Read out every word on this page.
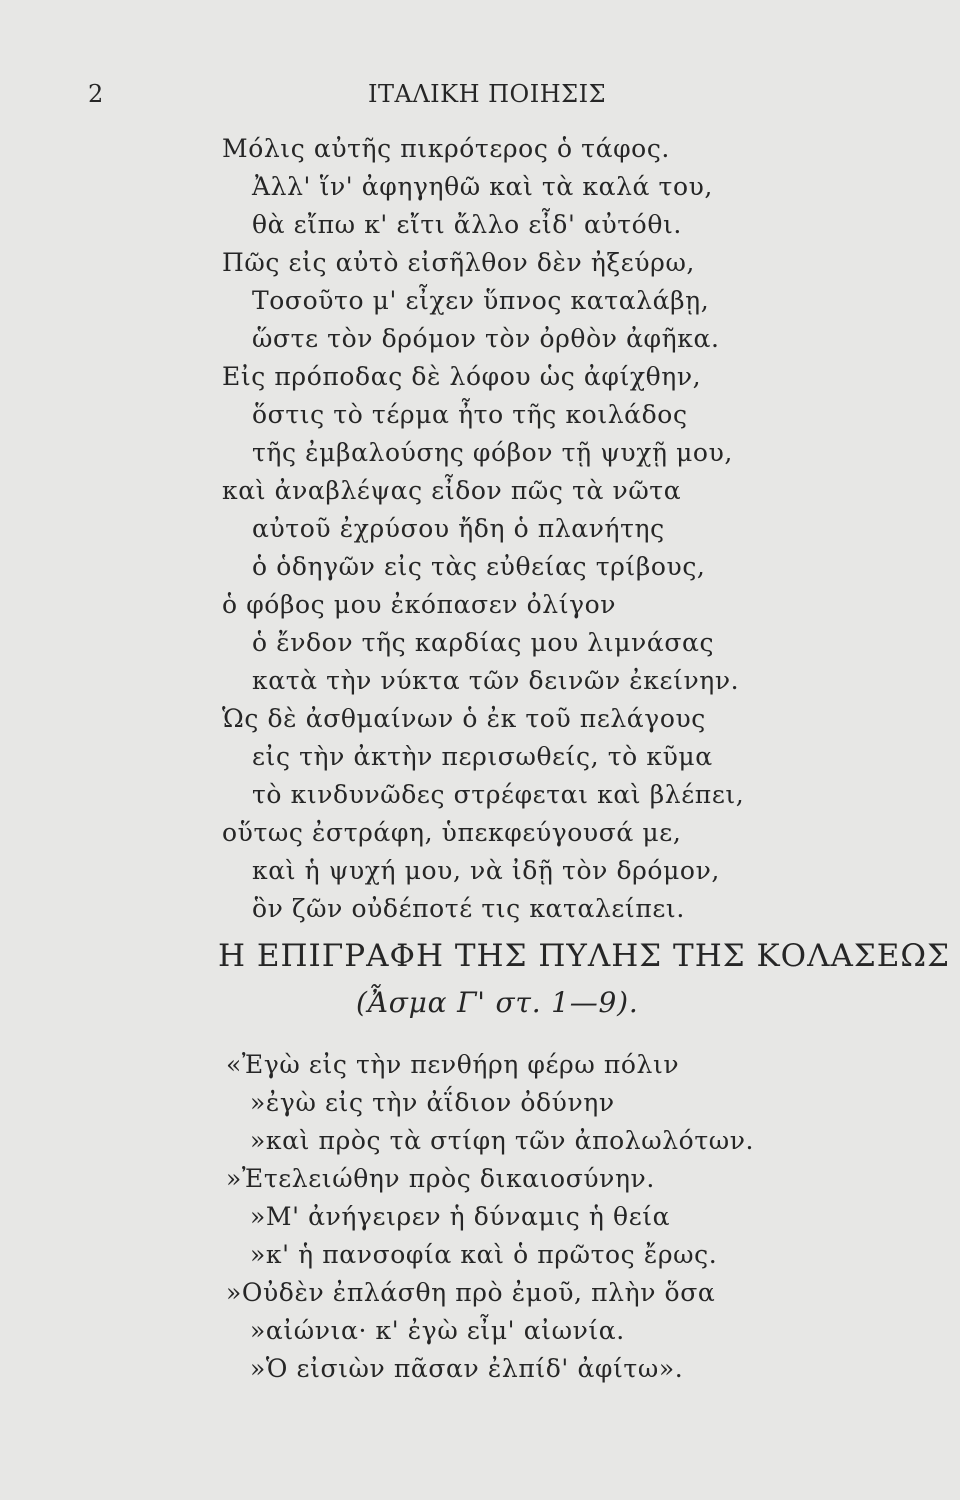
2	ΙΤΑΛΙΚΗ ΠΟΙΗΣΙΣ
Μόλις αὐτῆς πικρότερος ὁ τάφος.
Ἀλλ' ἵν' ἀφηγηθῶ καὶ τὰ καλά του,
θὰ εἴπω κ' εἴτι ἄλλο εἶδ' αὐτόθι.
Πῶς εἰς αὐτὸ εἰσῆλθον δὲν ἠξεύρω,
Τοσοῦτο μ' εἶχεν ὕπνος καταλάβῃ,
ὥστε τὸν δρόμον τὸν ὀρθὸν ἀφῆκα.
Εἰς πρόποδας δὲ λόφου ὡς ἀφίχθην,
ὅστις τὸ τέρμα ἦτο τῆς κοιλάδος
τῆς ἐμβαλούσης φόβον τῇ ψυχῇ μου,
καὶ ἀναβλέψας εἶδον πῶς τὰ νῶτα
αὐτοῦ ἐχρύσου ἤδη ὁ πλανήτης
ὁ ὁδηγῶν εἰς τὰς εὐθείας τρίβους,
ὁ φόβος μου ἐκόπασεν ὀλίγον
ὁ ἔνδον τῆς καρδίας μου λιμνάσας
κατὰ τὴν νύκτα τῶν δεινῶν ἐκείνην.
Ὡς δὲ ἀσθμαίνων ὁ ἐκ τοῦ πελάγους
εἰς τὴν ἀκτὴν περισωθείς, τὸ κῦμα
τὸ κινδυνῶδες στρέφεται καὶ βλέπει,
οὕτως ἐστράφη, ὑπεκφεύγουσά με,
καὶ ἡ ψυχή μου, νὰ ἰδῇ τὸν δρόμον,
ὃν ζῶν οὐδέποτέ τις καταλείπει.
Η ΕΠΙΓΡΑΦΗ ΤΗΣ ΠΥΛΗΣ ΤΗΣ ΚΟΛΑΣΕΩΣ
(Ἆσμα Γ' στ. 1—9).
«Ἐγὼ εἰς τὴν πενθήρη φέρω πόλιν
»ἐγὼ εἰς τὴν ἀΐδιον ὀδύνην
»καὶ πρὸς τὰ στίφη τῶν ἀπολωλότων.
»Ἐτελειώθην πρὸς δικαιοσύνην.
»Μ' ἀνήγειρεν ἡ δύναμις ἡ θεία
»κ' ἡ πανσοφία καὶ ὁ πρῶτος ἔρως.
»Οὐδὲν ἐπλάσθη πρὸ ἐμοῦ, πλὴν ὅσα
»αἰώνια· κ' ἐγὼ εἶμ' αἰωνία.
»Ὁ εἰσιὼν πᾶσαν ἐλπίδ' ἀφίτω».
